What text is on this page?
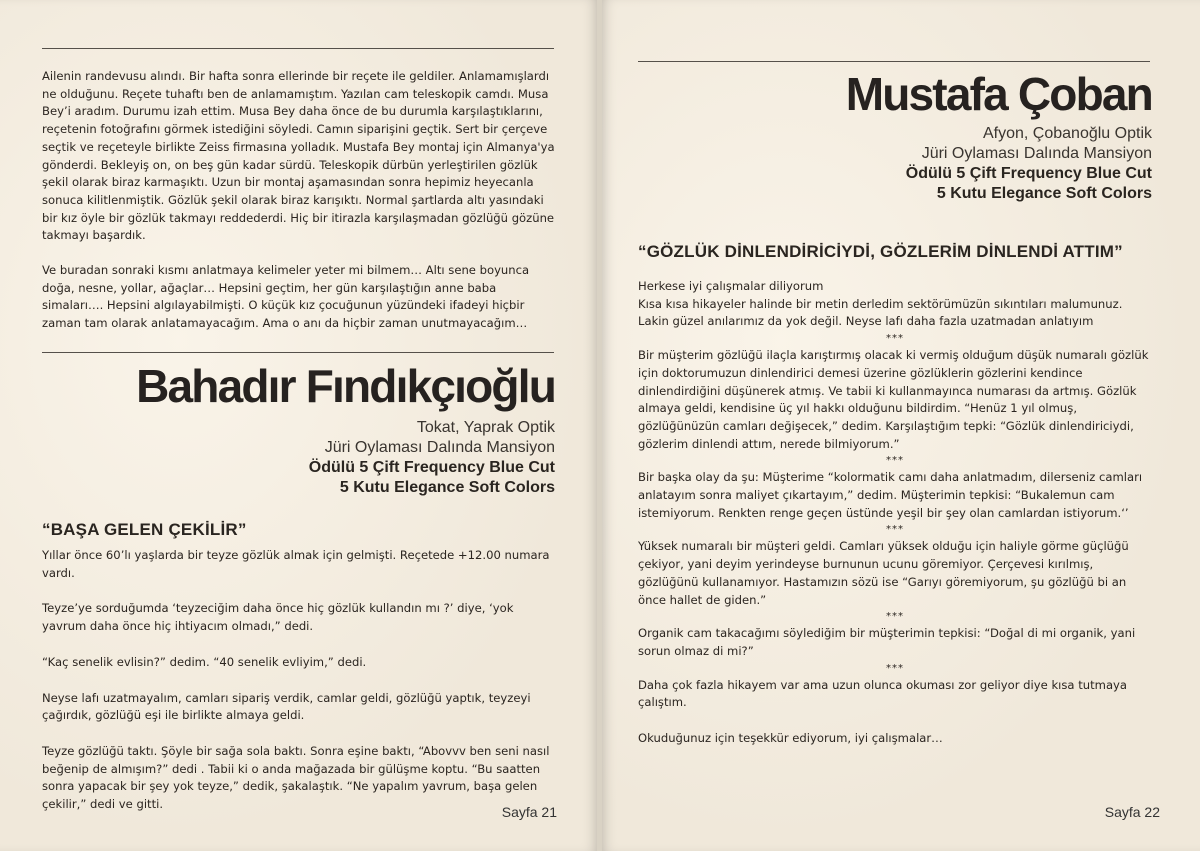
Ailenin randevusu alındı. Bir hafta sonra ellerinde bir reçete ile geldiler. Anlamamışlardı ne olduğunu. Reçete tuhaftı ben de anlamamıştım. Yazılan cam teleskopik camdı. Musa Bey’i aradım. Durumu izah ettim. Musa Bey daha önce de bu durumla karşılaştıklarını, reçetenin fotoğrafını görmek istediğini söyledi. Camın siparişini geçtik. Sert bir çerçeve seçtik ve reçeteyle birlikte Zeiss firmasına yolladık. Mustafa Bey montaj için Almanya'ya gönderdi. Bekleyiş on, on beş gün kadar sürdü. Teleskopik dürbün yerleştirilen gözlük şekil olarak biraz karmaşıktı. Uzun bir montaj aşamasından sonra hepimiz heyecanla sonuca kilitlenmiştik. Gözlük şekil olarak biraz karışıktı. Normal şartlarda altı yasındaki bir kız öyle bir gözlük takmayı reddederdi. Hiç bir itirazla karşılaşmadan gözlüğü gözüne takmayı başardık.

Ve buradan sonraki kısmı anlatmaya kelimeler yeter mi bilmem… Altı sene boyunca doğa, nesne, yollar, ağaçlar… Hepsini geçtim, her gün karşılaştığın anne baba simaları…. Hepsini algılayabilmişti. O küçük kız çocuğunun yüzündeki ifadeyi hiçbir zaman tam olarak anlatamayacağım. Ama o anı da hiçbir zaman unutmayacağım…

Bahadır Fındıkçıoğlu
Tokat, Yaprak Optik
Jüri Oylaması Dalında Mansiyon
Ödülü 5 Çift Frequency Blue Cut
5 Kutu Elegance Soft Colors
“BAŞA GELEN ÇEKİLİR”

Yıllar önce 60’lı yaşlarda bir teyze gözlük almak için gelmişti. Reçetede +12.00 numara vardı.

Teyze’ye sorduğumda ‘teyzeciğim daha önce hiç gözlük kullandın mı ?’ diye, ‘yok yavrum daha önce hiç ihtiyacım olmadı,” dedi.

“Kaç senelik evlisin?” dedim. “40 senelik evliyim,” dedi.

Neyse lafı uzatmayalım, camları sipariş verdik, camlar geldi, gözlüğü yaptık, teyzeyi çağırdık, gözlüğü eşi ile birlikte almaya geldi.

Teyze gözlüğü taktı. Şöyle bir sağa sola baktı. Sonra eşine baktı, “Abovvv ben seni nasıl beğenip de almışım?” dedi . Tabii ki o anda mağazada bir gülüşme koptu. “Bu saatten sonra yapacak bir şey yok teyze,” dedik, şakalaştık. “Ne yapalım yavrum, başa gelen çekilir,” dedi ve gitti.	Sayfa 21
Mustafa Çoban
Afyon, Çobanoğlu Optik
Jüri Oylaması Dalında Mansiyon
Ödülü 5 Çift Frequency Blue Cut
5 Kutu Elegance Soft Colors
“GÖZLÜK DİNLENDİRİCİYDİ, GÖZLERİM DİNLENDİ ATTIM”

Herkese iyi çalışmalar diliyorum

Kısa kısa hikayeler halinde bir metin derledim sektörümüzün sıkıntıları malumunuz. Lakin güzel anılarımız da yok değil. Neyse lafı daha fazla uzatmadan anlatıyım

***

Bir müşterim gözlüğü ilaçla karıştırmış olacak ki vermiş olduğum düşük numaralı gözlük için doktorumuzun dinlendirici demesi üzerine gözlüklerin gözlerini kendince dinlendirdiğini düşünerek atmış. Ve tabii ki kullanmayınca numarası da artmış. Gözlük almaya geldi, kendisine üç yıl hakkı olduğunu bildirdim. “Henüz 1 yıl olmuş, gözlüğünüzün camları değişecek,” dedim. Karşılaştığım tepki: “Gözlük dinlendiriciydi, gözlerim dinlendi attım, nerede bilmiyorum.”

***

Bir başka olay da şu: Müşterime “kolormatik camı daha anlatmadım, dilerseniz camları anlatayım sonra maliyet çıkartayım,” dedim. Müşterimin tepkisi: “Bukalemun cam istemiyorum. Renkten renge geçen üstünde yeşil bir şey olan camlardan istiyorum.‘’

***

Yüksek numaralı bir müşteri geldi. Camları yüksek olduğu için haliyle görme güçlüğü çekiyor, yani deyim yerindeyse burnunun ucunu göremiyor. Çerçevesi kırılmış, gözlüğünü kullanamıyor. Hastamızın sözü ise “Garıyı göremiyorum, şu gözlüğü bi an önce hallet de giden.”

***

Organik cam takacağımı söylediğim bir müşterimin tepkisi: “Doğal di mi organik, yani sorun olmaz di mi?”

***

Daha çok fazla hikayem var ama uzun olunca okuması zor geliyor diye kısa tutmaya çalıştım.

Okuduğunuz için teşekkür ediyorum, iyi çalışmalar…

Sayfa 22
